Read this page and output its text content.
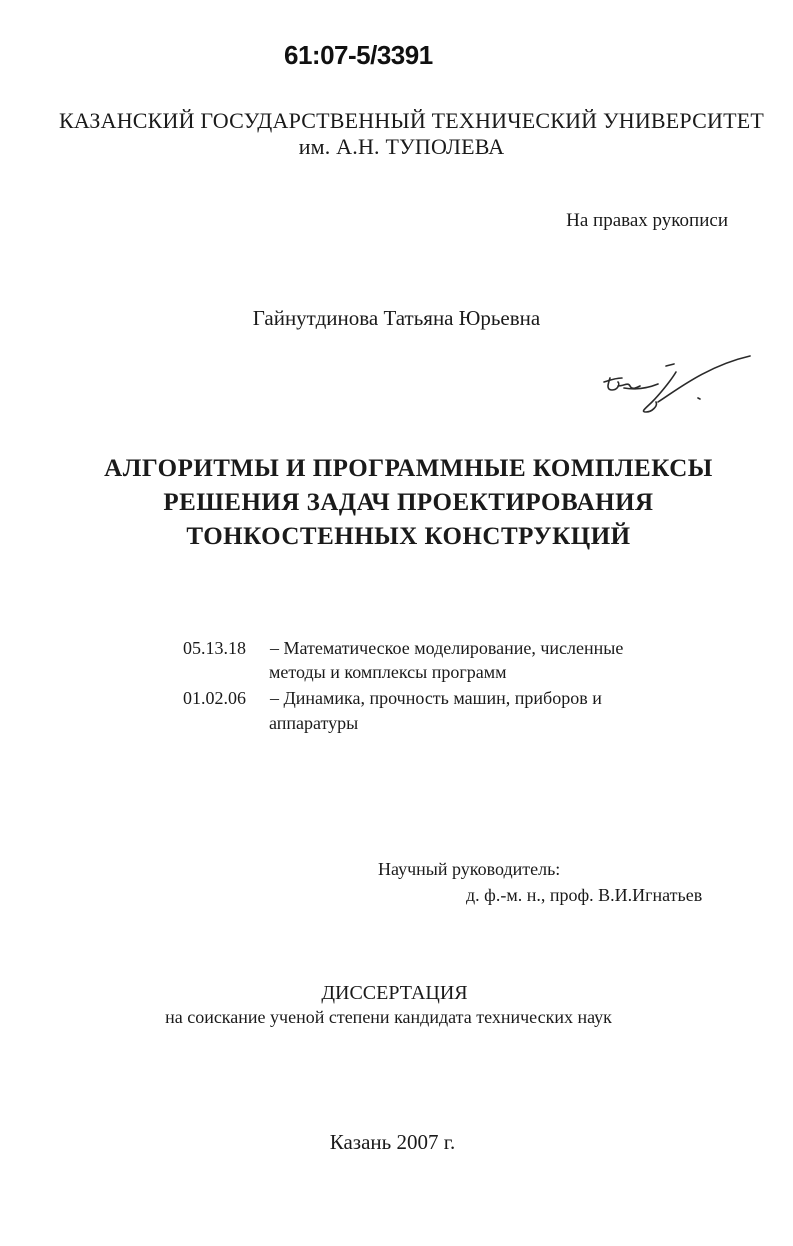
61:07-5/3391
КАЗАНСКИЙ ГОСУДАРСТВЕННЫЙ ТЕХНИЧЕСКИЙ УНИВЕРСИТЕТ
им. А.Н. ТУПОЛЕВА
На правах рукописи
Гайнутдинова Татьяна Юрьевна
АЛГОРИТМЫ И ПРОГРАММНЫЕ КОМПЛЕКСЫ
РЕШЕНИЯ ЗАДАЧ ПРОЕКТИРОВАНИЯ
ТОНКОСТЕННЫХ КОНСТРУКЦИЙ
05.13.18 – Математическое моделирование, численные
методы и комплексы программ
01.02.06 – Динамика, прочность машин, приборов и
аппаратуры
Научный руководитель:
д. ф.-м. н., проф. В.И.Игнатьев
ДИССЕРТАЦИЯ
на соискание ученой степени кандидата технических наук
Казань 2007 г.
